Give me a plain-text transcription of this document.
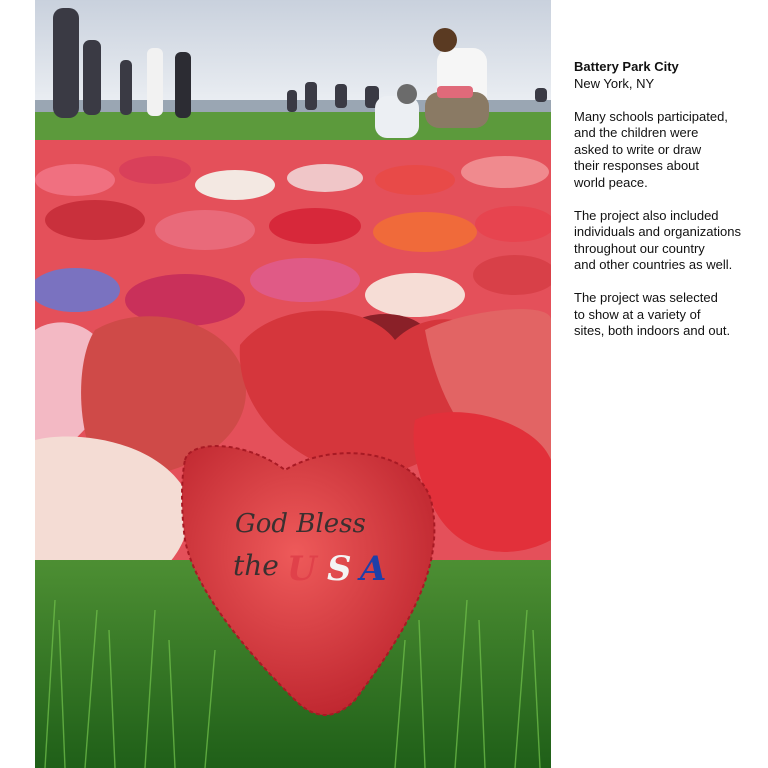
God Bless
the U S A
Battery Park City
New York, NY

Many schools participated,
and the children were
asked to write or draw
their responses about
world peace.

The project also included
individuals and organizations
throughout our country
and other countries as well.

The project was selected
to show at a variety of
sites, both indoors and out.
